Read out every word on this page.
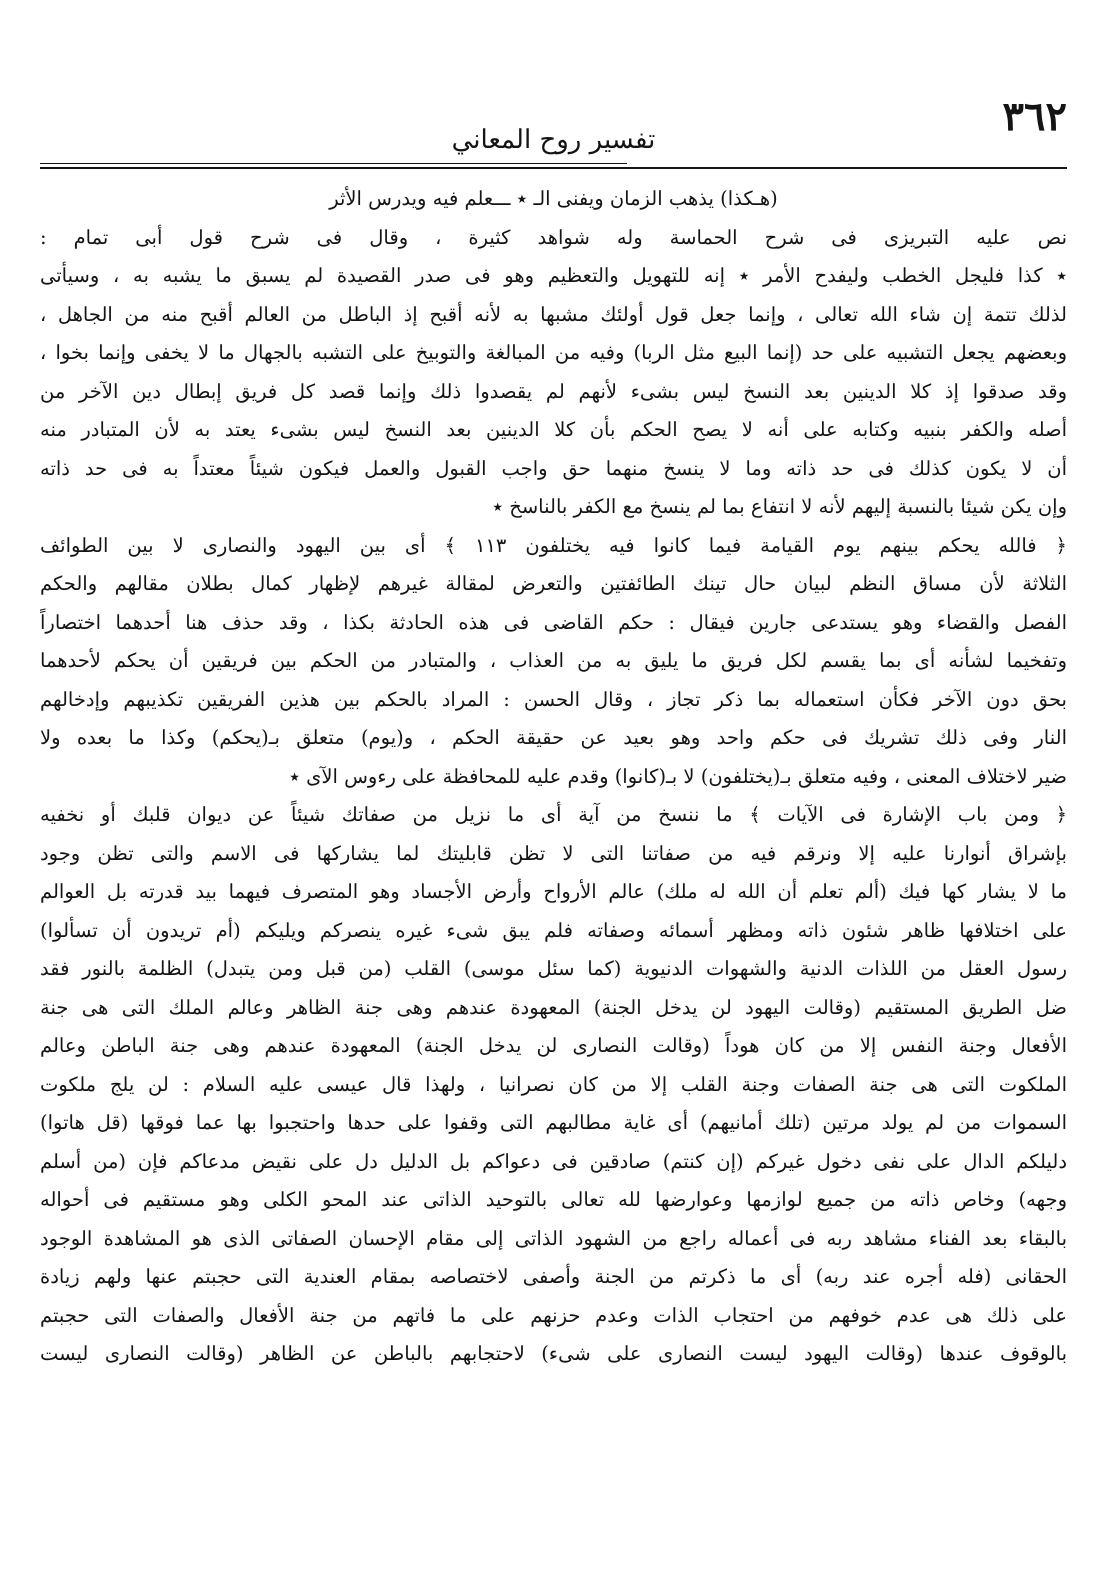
٣٦٢
تفسير روح المعاني
(هـكذا) يذهب الزمان ويفنى الـ ٭ ـــعلم فيه ويدرس الأثر
نص عليه التبريزى فى شرح الحماسة وله شواهد كثيرة ، وقال فى شرح قول أبى تمام :
٭ كذا فليجل الخطب وليفدح الأمر ٭ إنه للتهويل والتعظيم وهو فى صدر القصيدة لم يسبق ما يشبه به ، وسيأتى
لذلك تتمة إن شاء الله تعالى ، وإنما جعل قول أولئك مشبها به لأنه أقبح إذ الباطل من العالم أقبح منه من الجاهل ،
وبعضهم يجعل التشبيه على حد (إنما البيع مثل الربا) وفيه من المبالغة والتوبيخ على التشبه بالجهال ما لا يخفى وإنما بخوا ،
وقد صدقوا إذ كلا الدينين بعد النسخ ليس بشىء لأنهم لم يقصدوا ذلك وإنما قصد كل فريق إبطال دين الآخر من
أصله والكفر بنبيه وكتابه على أنه لا يصح الحكم بأن كلا الدينين بعد النسخ ليس بشىء يعتد به لأن المتبادر منه
أن لا يكون كذلك فى حد ذاته وما لا ينسخ منهما حق واجب القبول والعمل فيكون شيئاً معتداً به فى حد ذاته
وإن يكن شيئا بالنسبة إليهم لأنه لا انتفاع بما لم ينسخ مع الكفر بالناسخ ٭
﴿ فالله يحكم بينهم يوم القيامة فيما كانوا فيه يختلفون ١١٣ ﴾ أى بين اليهود والنصارى لا بين الطوائف
الثلاثة لأن مساق النظم لبيان حال تينك الطائفتين والتعرض لمقالة غيرهم لإظهار كمال بطلان مقالهم والحكم
الفصل والقضاء وهو يستدعى جارين فيقال : حكم القاضى فى هذه الحادثة بكذا ، وقد حذف هنا أحدهما اختصاراً
وتفخيما لشأنه أى بما يقسم لكل فريق ما يليق به من العذاب ، والمتبادر من الحكم بين فريقين أن يحكم لأحدهما
بحق دون الآخر فكأن استعماله بما ذكر تجاز ، وقال الحسن : المراد بالحكم بين هذين الفريقين تكذيبهم وإدخالهم
النار وفى ذلك تشريك فى حكم واحد وهو بعيد عن حقيقة الحكم ، و(يوم) متعلق بـ(يحكم) وكذا ما بعده ولا
ضير لاختلاف المعنى ، وفيه متعلق بـ(يختلفون) لا بـ(كانوا) وقدم عليه للمحافظة على رءوس الآى ٭
﴿ ومن باب الإشارة فى الآيات ﴾ ما ننسخ من آية أى ما نزيل من صفاتك شيئاً عن ديوان قلبك أو نخفيه
بإشراق أنوارنا عليه إلا ونرقم فيه من صفاتنا التى لا تظن قابليتك لما يشاركها فى الاسم والتى تظن وجود
ما لا يشار كها فيك (ألم تعلم أن الله له ملك) عالم الأرواح وأرض الأجساد وهو المتصرف فيهما بيد قدرته بل العوالم
على اختلافها ظاهر شئون ذاته ومظهر أسمائه وصفاته فلم يبق شىء غيره ينصركم ويليكم (أم تريدون أن تسألوا)
رسول العقل من اللذات الدنية والشهوات الدنيوية (كما سئل موسى) القلب (من قبل ومن يتبدل) الظلمة بالنور فقد
ضل الطريق المستقيم (وقالت اليهود لن يدخل الجنة) المعهودة عندهم وهى جنة الظاهر وعالم الملك التى هى جنة
الأفعال وجنة النفس إلا من كان هوداً (وقالت النصارى لن يدخل الجنة) المعهودة عندهم وهى جنة الباطن وعالم
الملكوت التى هى جنة الصفات وجنة القلب إلا من كان نصرانيا ، ولهذا قال عيسى عليه السلام : لن يلج ملكوت
السموات من لم يولد مرتين (تلك أمانيهم) أى غاية مطالبهم التى وقفوا على حدها واحتجبوا بها عما فوقها (قل هاتوا)
دليلكم الدال على نفى دخول غيركم (إن كنتم) صادقين فى دعواكم بل الدليل دل على نقيض مدعاكم فإن (من أسلم
وجهه) وخاص ذاته من جميع لوازمها وعوارضها لله تعالى بالتوحيد الذاتى عند المحو الكلى وهو مستقيم فى أحواله
بالبقاء بعد الفناء مشاهد ربه فى أعماله راجع من الشهود الذاتى إلى مقام الإحسان الصفاتى الذى هو المشاهدة الوجود
الحقانى (فله أجره عند ربه) أى ما ذكرتم من الجنة وأصفى لاختصاصه بمقام العندية التى حجبتم عنها ولهم زيادة
على ذلك هى عدم خوفهم من احتجاب الذات وعدم حزنهم على ما فاتهم من جنة الأفعال والصفات التى حجبتم
بالوقوف عندها (وقالت اليهود ليست النصارى على شىء) لاحتجابهم بالباطن عن الظاهر (وقالت النصارى ليست
